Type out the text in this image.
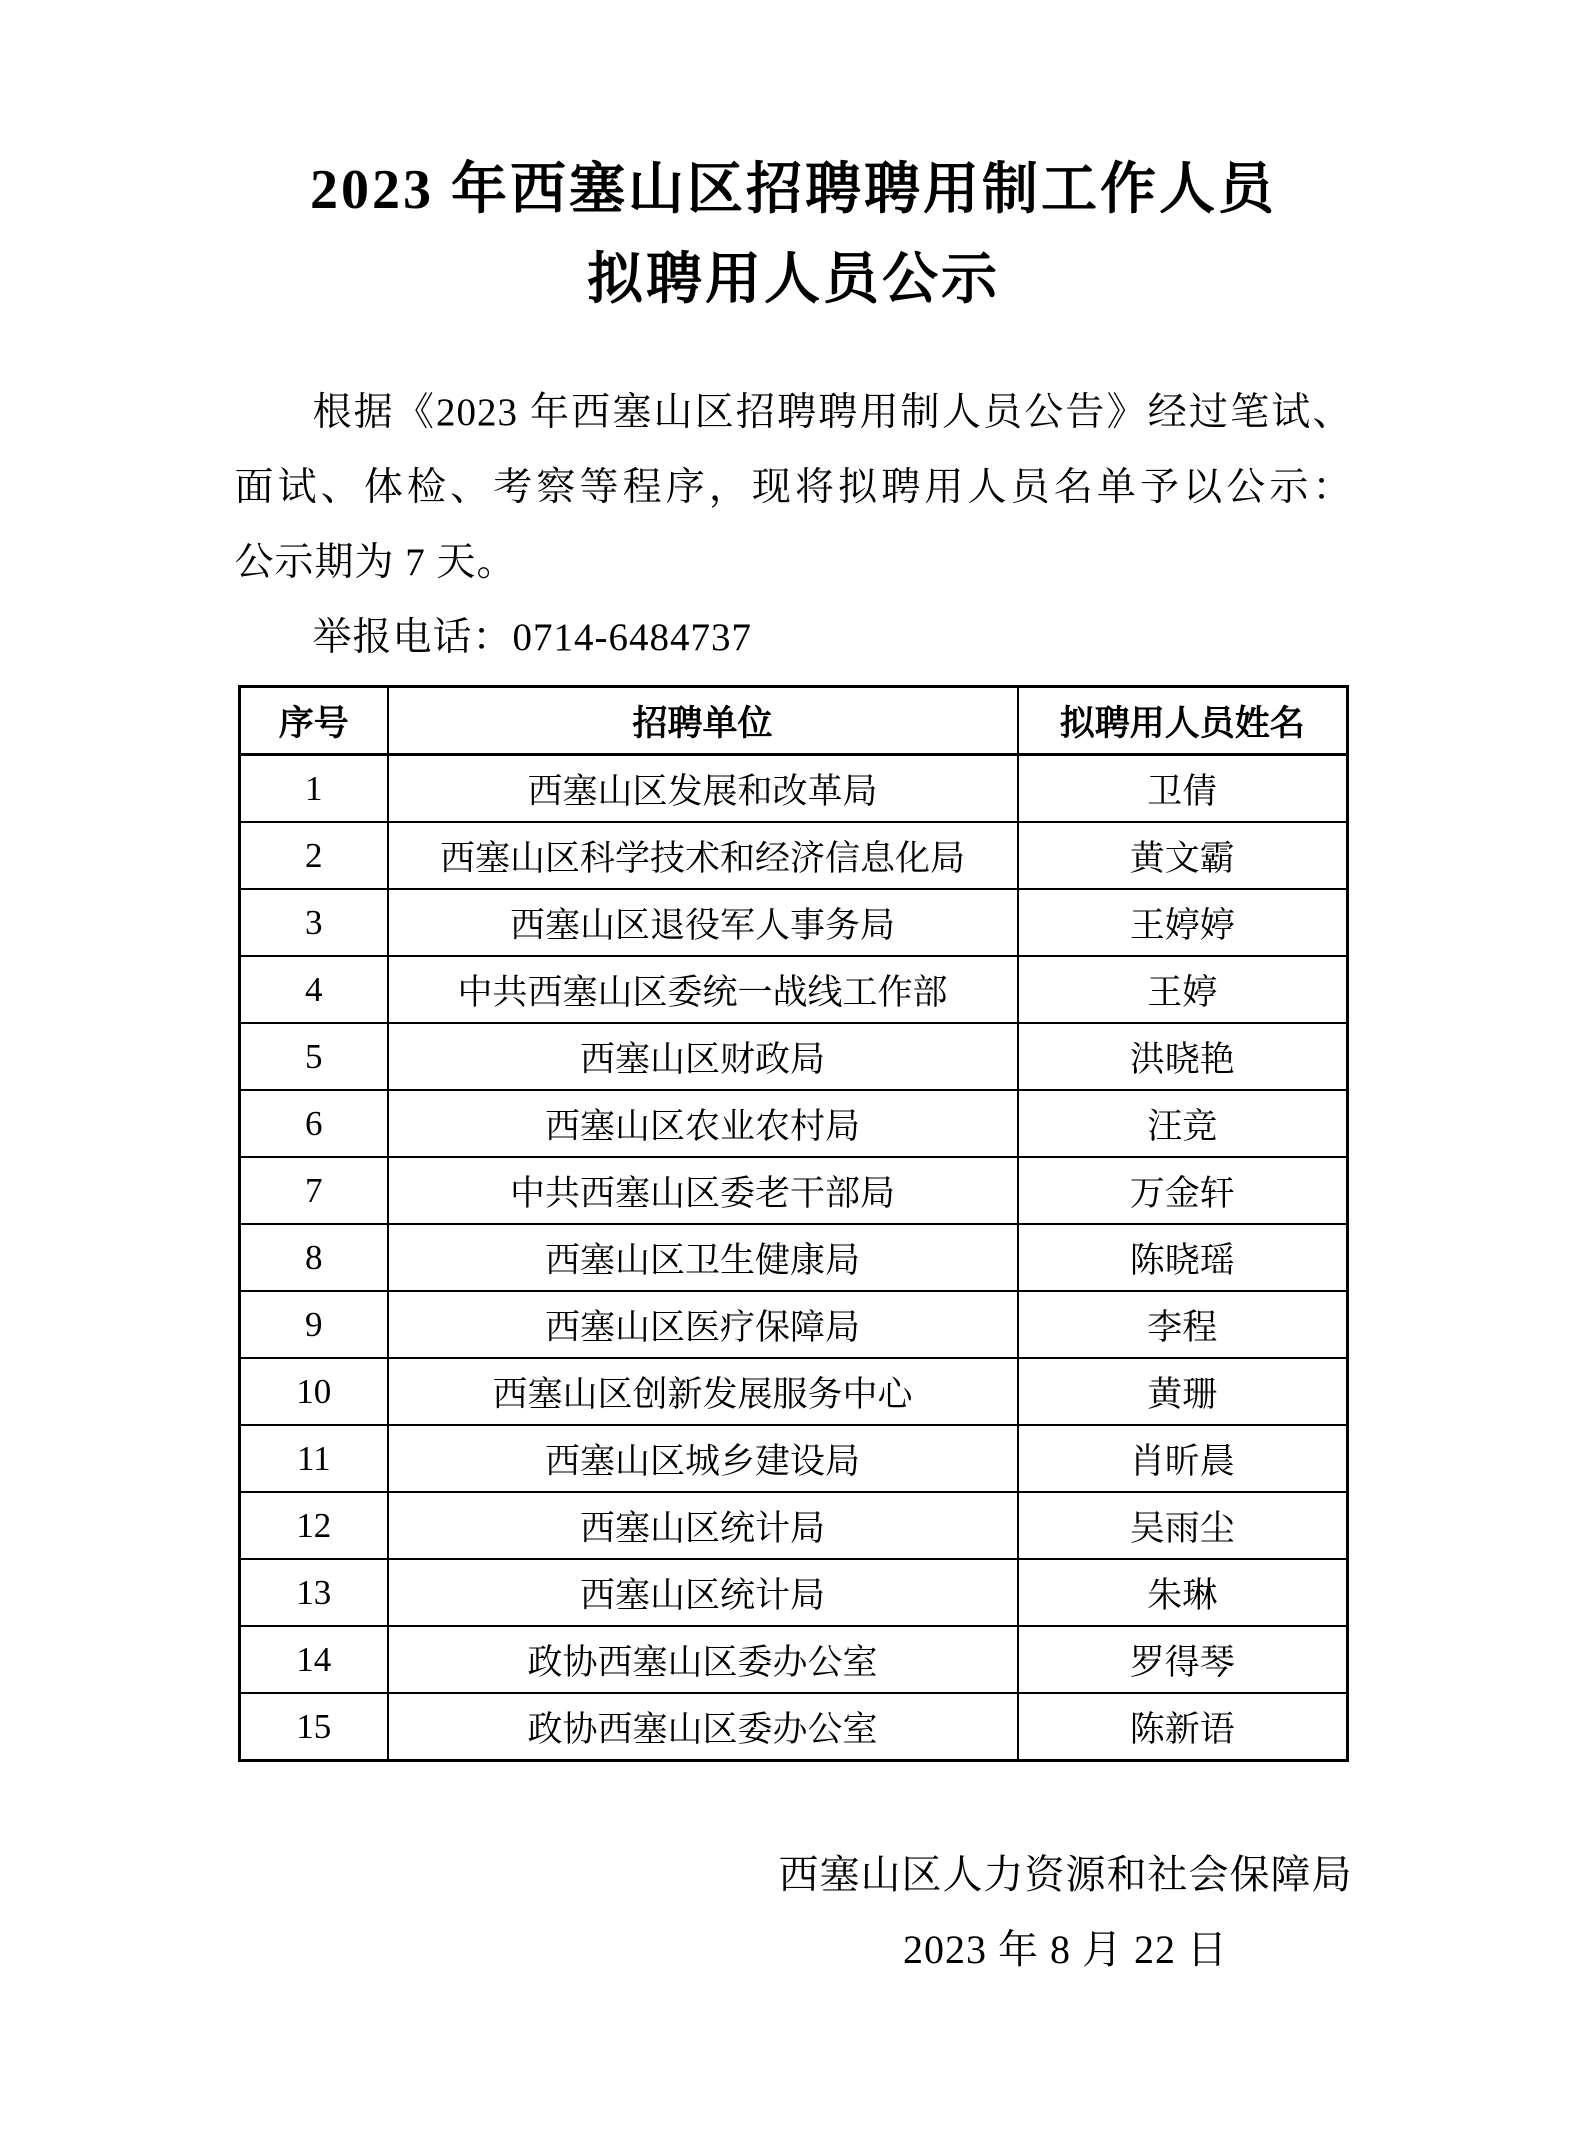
2023 年西塞山区招聘聘用制工作人员
拟聘用人员公示
根据《2023 年西塞山区招聘聘用制人员公告》经过笔试、
面试、体检、考察等程序，现将拟聘用人员名单予以公示：
公示期为 7 天。
举报电话：0714-6484737
序号	招聘单位	拟聘用人员姓名
1	西塞山区发展和改革局	卫倩
2	西塞山区科学技术和经济信息化局	黄文霸
3	西塞山区退役军人事务局	王婷婷
4	中共西塞山区委统一战线工作部	王婷
5	西塞山区财政局	洪晓艳
6	西塞山区农业农村局	汪竞
7	中共西塞山区委老干部局	万金轩
8	西塞山区卫生健康局	陈晓瑶
9	西塞山区医疗保障局	李程
10	西塞山区创新发展服务中心	黄珊
11	西塞山区城乡建设局	肖昕晨
12	西塞山区统计局	吴雨尘
13	西塞山区统计局	朱琳
14	政协西塞山区委办公室	罗得琴
15	政协西塞山区委办公室	陈新语
西塞山区人力资源和社会保障局
2023 年 8 月 22 日
